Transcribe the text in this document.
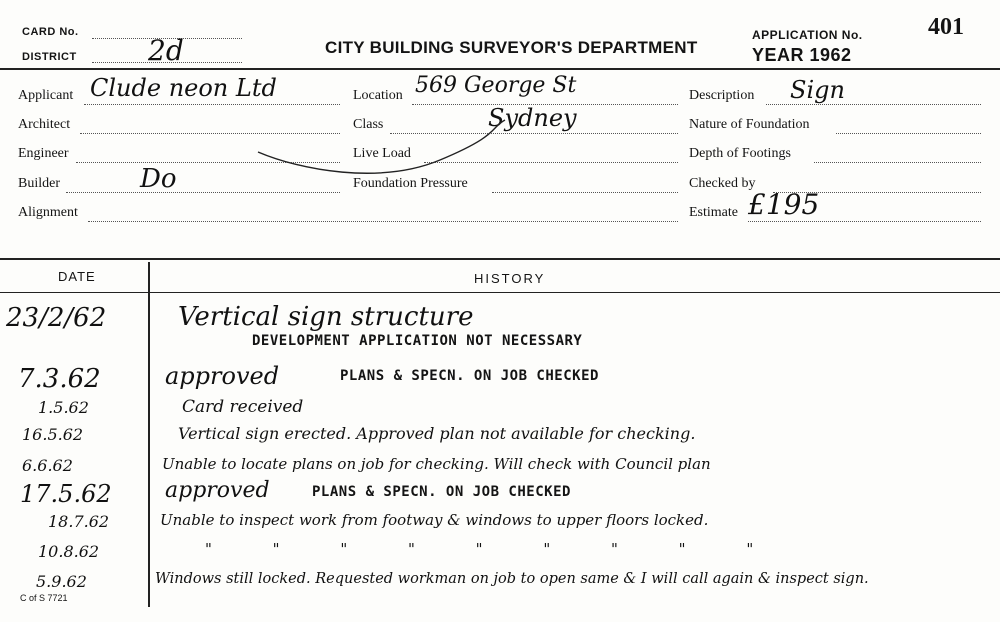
CARD No.
DISTRICT	2d	CITY BUILDING SURVEYOR'S DEPARTMENT
APPLICATION No.	401
YEAR 1962
Applicant Clude neon Ltd
Architect
Engineer
Builder	Do
Alignment
Location 569 George St
Class	Sydney
Live Load
Foundation Pressure
Description Sign
Nature of Foundation
Depth of Footings
Checked by
Estimate £195
DATE	HISTORY
23/2/62	Vertical sign structure
DEVELOPMENT APPLICATION NOT NECESSARY
7.3.62	approved	PLANS & SPECN. ON JOB CHECKED
1.5.62	Card received
16.5.62	Vertical sign erected. Approved plan not available for checking.
6.6.62	Unable to locate plans on job for checking. Will check with Council plan
17.5.62 approved	PLANS & SPECN. ON JOB CHECKED
18.7.62	Unable to inspect work from footway & windows to upper floors locked.
10.8.62	" " " " " " " " "
5.9.62	Windows still locked. Requested workman on job to open same & I will call again & inspect sign.
C of S 7721
